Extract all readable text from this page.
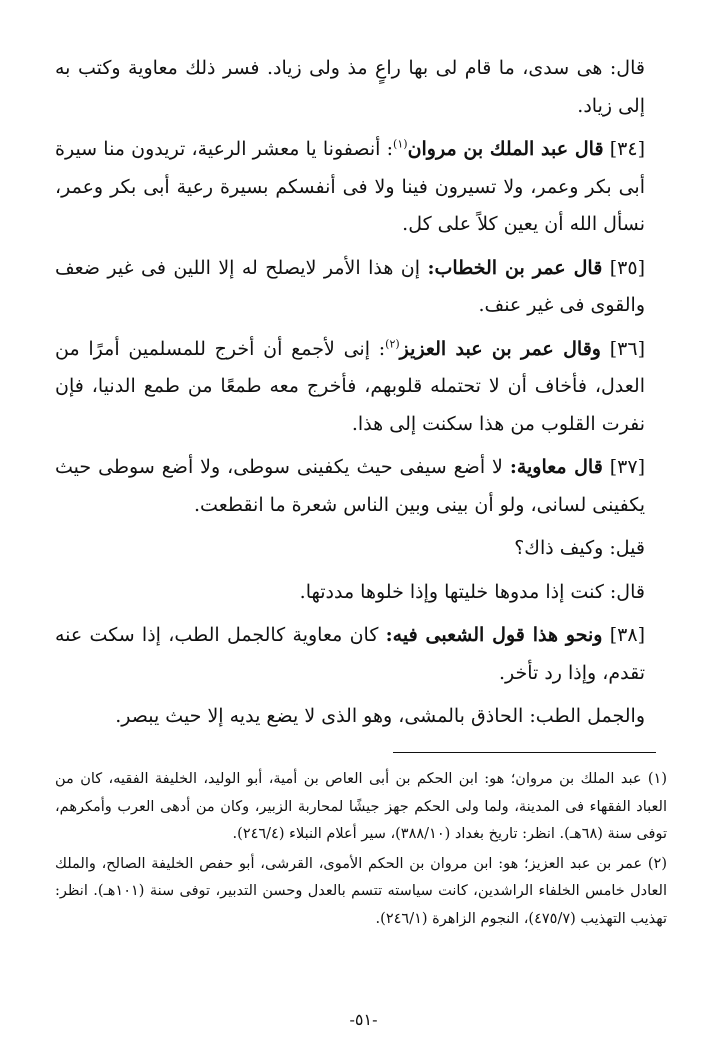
قال: هى سدى، ما قام لى بها راعٍ مذ ولى زياد. فسر ذلك معاوية وكتب به إلى زياد.

[٣٤] قال عبد الملك بن مروان$^{(١)}$: أنصفونا يا معشر الرعية، تريدون منا سيرة أبى بكر وعمر، ولا تسيرون فينا ولا فى أنفسكم بسيرة رعية أبى بكر وعمر، نسأل الله أن يعين كلاً على كل.

[٣٥] قال عمر بن الخطاب: إن هذا الأمر لايصلح له إلا اللين فى غير ضعف والقوى فى غير عنف.

[٣٦] وقال عمر بن عبد العزيز$^{(٢)}$: إنى لأجمع أن أخرج للمسلمين أمرًا من العدل، فأخاف أن لا تحتمله قلوبهم، فأخرج معه طمعًا من طمع الدنيا، فإن نفرت القلوب من هذا سكنت إلى هذا.

[٣٧] قال معاوية: لا أضع سيفى حيث يكفينى سوطى، ولا أضع سوطى حيث يكفينى لسانى، ولو أن بينى وبين الناس شعرة ما انقطعت.

قيل: وكيف ذاك؟

قال: كنت إذا مدوها خليتها وإذا خلوها مددتها.

[٣٨] ونحو هذا قول الشعبى فيه: كان معاوية كالجمل الطب، إذا سكت عنه تقدم، وإذا رد تأخر.

والجمل الطب: الحاذق بالمشى، وهو الذى لا يضع يديه إلا حيث يبصر.

(١) عبد الملك بن مروان؛ هو: ابن الحكم بن أبى العاص بن أمية، أبو الوليد، الخليفة الفقيه، كان من العباد الفقهاء فى المدينة، ولما ولى الحكم جهز جيشًا لمحاربة الزبير، وكان من أدهى العرب وأمكرهم، توفى سنة (٦٨هـ). انظر: تاريخ بغداد (٣٨٨/١٠)، سير أعلام النبلاء (٢٤٦/٤).

(٢) عمر بن عبد العزيز؛ هو: ابن مروان بن الحكم الأموى، القرشى، أبو حفص الخليفة الصالح، والملك العادل خامس الخلفاء الراشدين، كانت سياسته تتسم بالعدل وحسن التدبير، توفى سنة (١٠١هـ). انظر: تهذيب التهذيب (٤٧٥/٧)، النجوم الزاهرة (٢٤٦/١).

-٥١-
